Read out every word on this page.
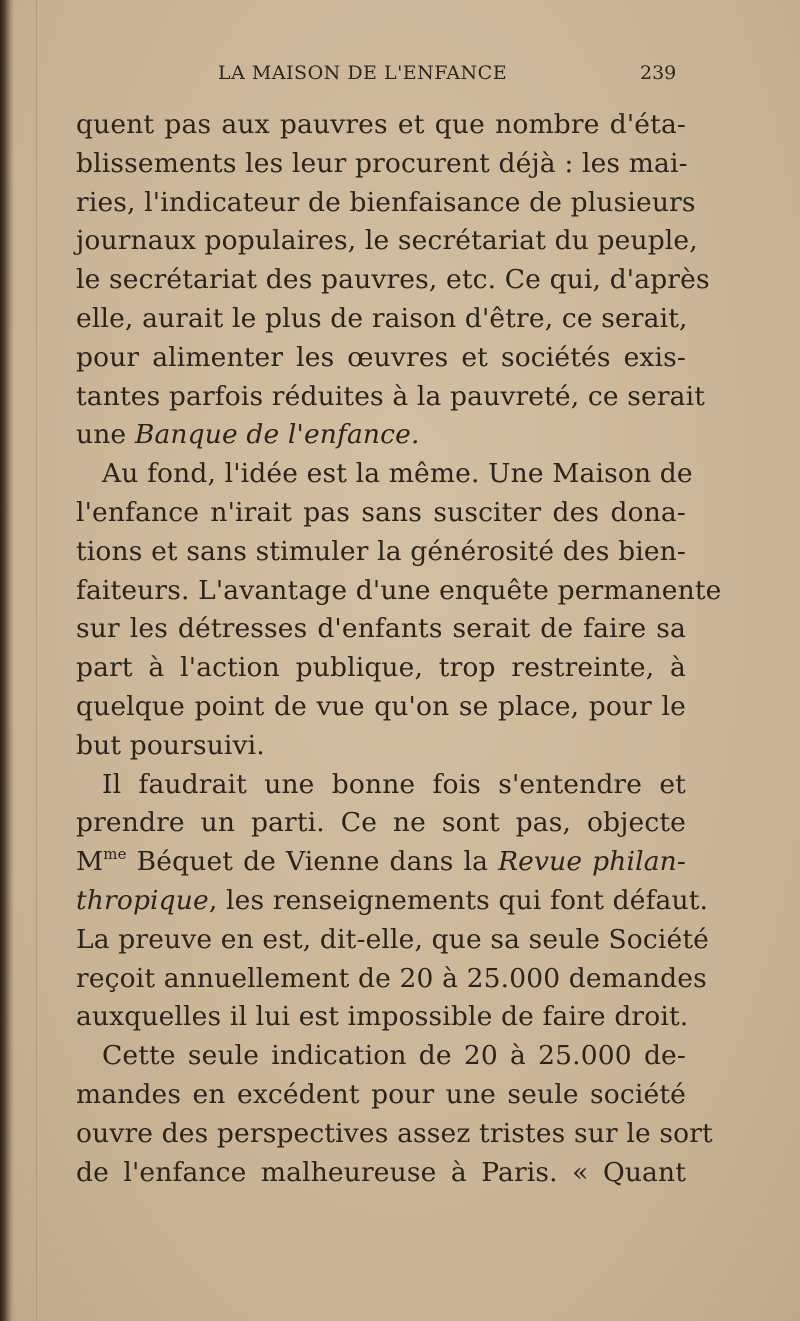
LA MAISON DE L'ENFANCE	239
quent pas aux pauvres et que nombre d'éta-
blissements les leur procurent déjà : les mai-
ries, l'indicateur de bienfaisance de plusieurs
journaux populaires, le secrétariat du peuple,
le secrétariat des pauvres, etc. Ce qui, d'après
elle, aurait le plus de raison d'être, ce serait,
pour alimenter les œuvres et sociétés exis-
tantes parfois réduites à la pauvreté, ce serait
une Banque de l'enfance.
Au fond, l'idée est la même. Une Maison de
l'enfance n'irait pas sans susciter des dona-
tions et sans stimuler la générosité des bien-
faiteurs. L'avantage d'une enquête permanente
sur les détresses d'enfants serait de faire sa
part à l'action publique, trop restreinte, à
quelque point de vue qu'on se place, pour le
but poursuivi.
Il faudrait une bonne fois s'entendre et
prendre un parti. Ce ne sont pas, objecte
$M^{me}$ Béquet de Vienne dans la Revue philan-
thropique, les renseignements qui font défaut.
La preuve en est, dit-elle, que sa seule Société
reçoit annuellement de 20 à 25.000 demandes
auxquelles il lui est impossible de faire droit.
Cette seule indication de 20 à 25.000 de-
mandes en excédent pour une seule société
ouvre des perspectives assez tristes sur le sort
de l'enfance malheureuse à Paris. « Quant
